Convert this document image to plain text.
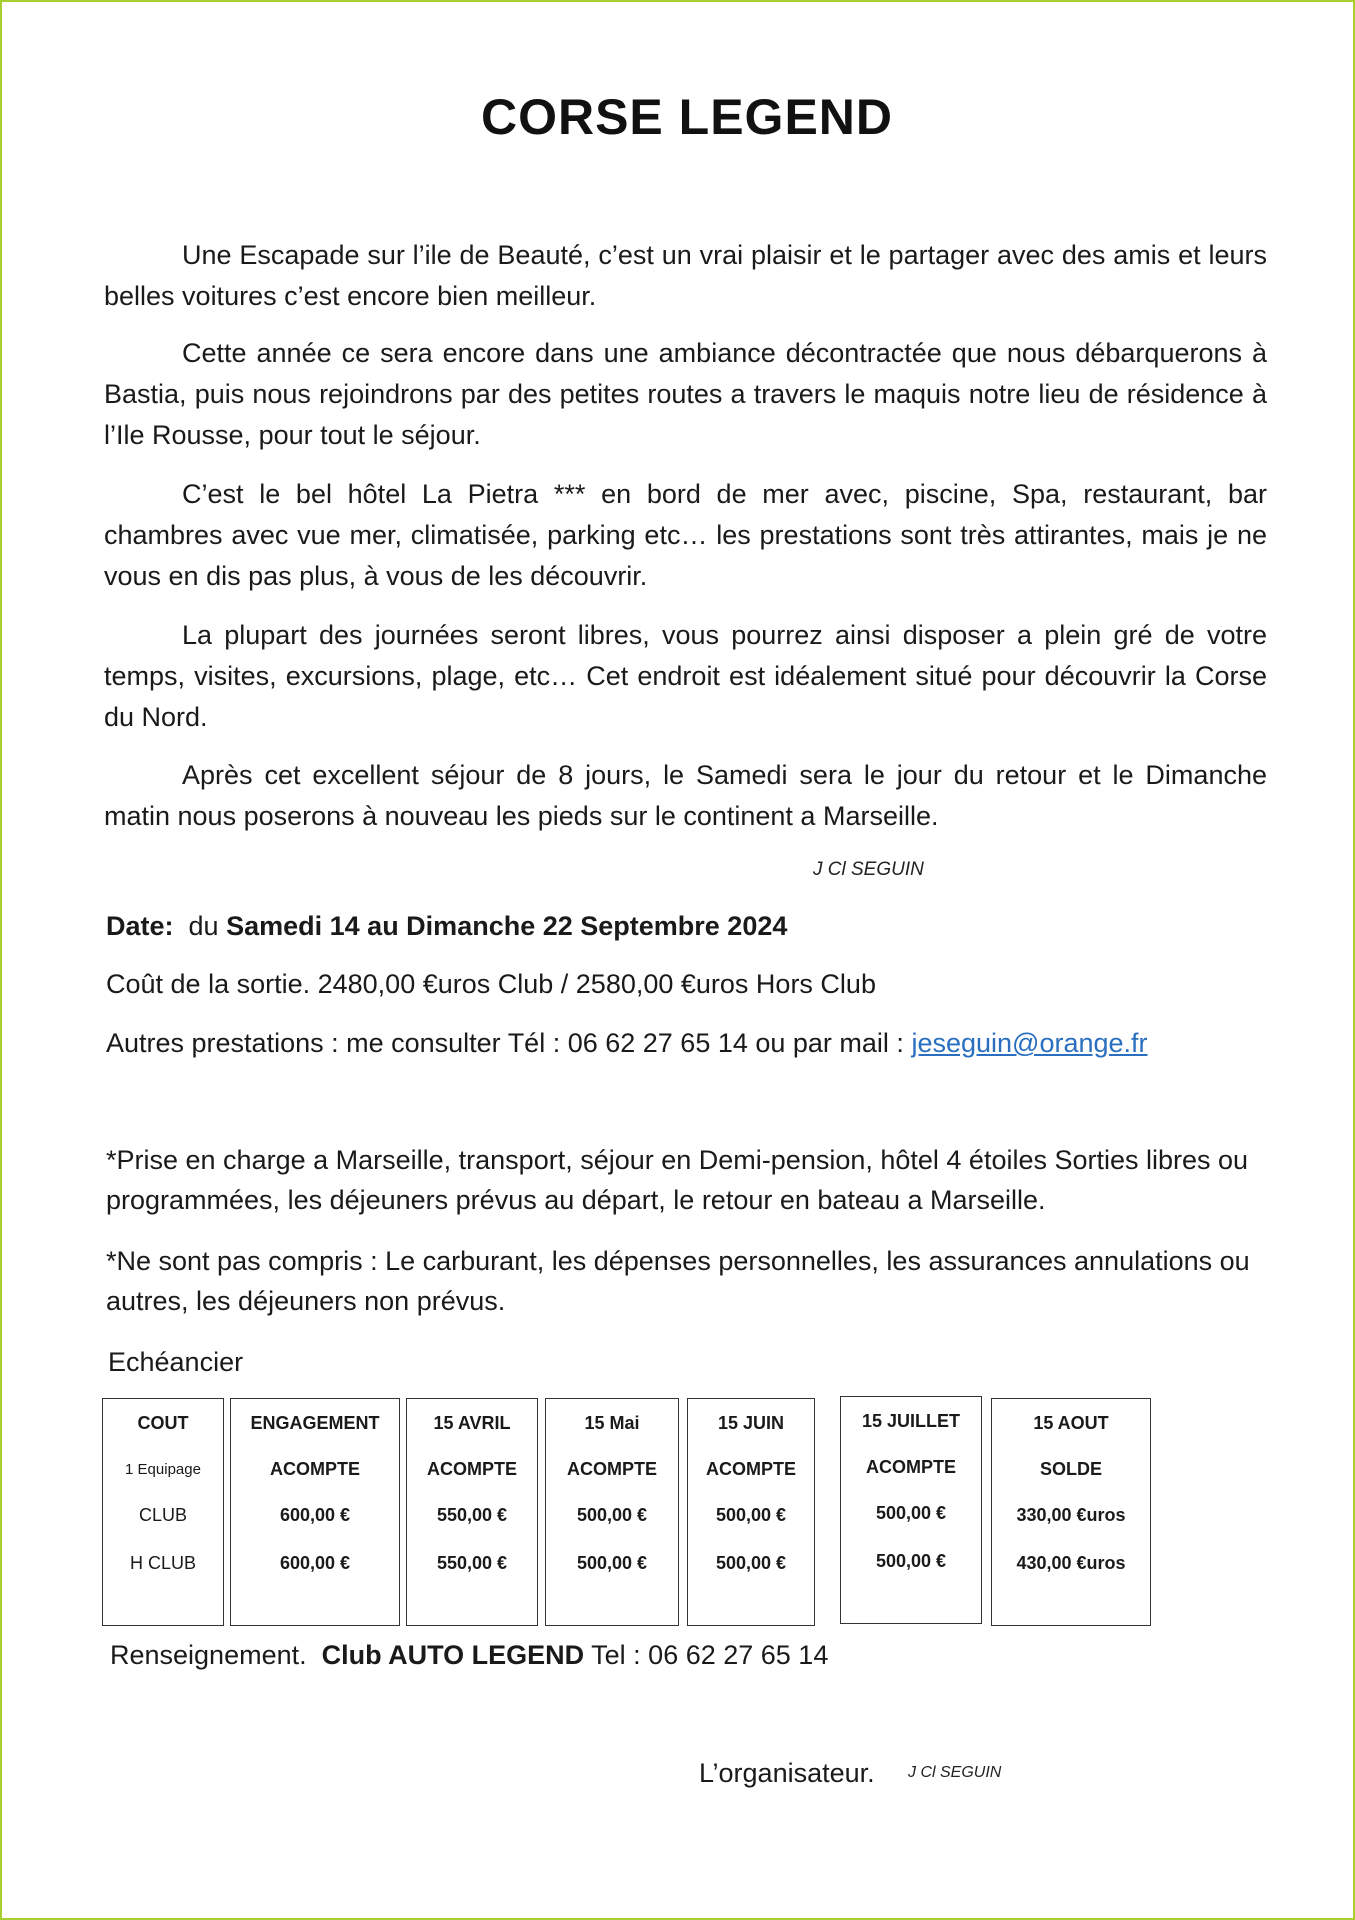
CORSE LEGEND

Une Escapade sur l’ile de Beauté, c’est un vrai plaisir et le partager avec des amis et leurs belles voitures c’est encore bien meilleur.

Cette année ce sera encore dans une ambiance décontractée que nous débarquerons à Bastia, puis nous rejoindrons par des petites routes a travers le maquis notre lieu de résidence à l’Ile Rousse, pour tout le séjour.

C’est le bel hôtel La Pietra *** en bord de mer avec, piscine, Spa, restaurant, bar chambres avec vue mer, climatisée, parking etc… les prestations sont très attirantes, mais je ne vous en dis pas plus, à vous de les découvrir.

La plupart des journées seront libres, vous pourrez ainsi disposer a plein gré de votre temps, visites, excursions, plage, etc… Cet endroit est idéalement situé pour découvrir la Corse du Nord.

Après cet excellent séjour de 8 jours, le Samedi sera le jour du retour et le Dimanche matin nous poserons à nouveau les pieds sur le continent a Marseille.

J Cl SEGUIN
Date: du Samedi 14 au Dimanche 22 Septembre 2024
Coût de la sortie. 2480,00 €uros Club / 2580,00 €uros Hors Club
Autres prestations : me consulter Tél : 06 62 27 65 14 ou par mail : jeseguin@orange.fr

*Prise en charge a Marseille, transport, séjour en Demi-pension, hôtel 4 étoiles Sorties libres ou programmées, les déjeuners prévus au départ, le retour en bateau a Marseille.

*Ne sont pas compris : Le carburant, les dépenses personnelles, les assurances annulations ou autres, les déjeuners non prévus.

Echéancier
COUT
1 Equipage
CLUB
H CLUB
ENGAGEMENT
ACOMPTE
600,00 €
600,00 €
15 AVRIL
ACOMPTE
550,00 €
550,00 €
15 Mai
ACOMPTE
500,00 €
500,00 €
15 JUIN
ACOMPTE
500,00 €
500,00 €
15 JUILLET
ACOMPTE
500,00 €
500,00 €
15 AOUT
SOLDE
330,00 €uros
430,00 €uros
Renseignement. Club AUTO LEGEND Tel : 06 62 27 65 14
L’organisateur. J Cl SEGUIN
